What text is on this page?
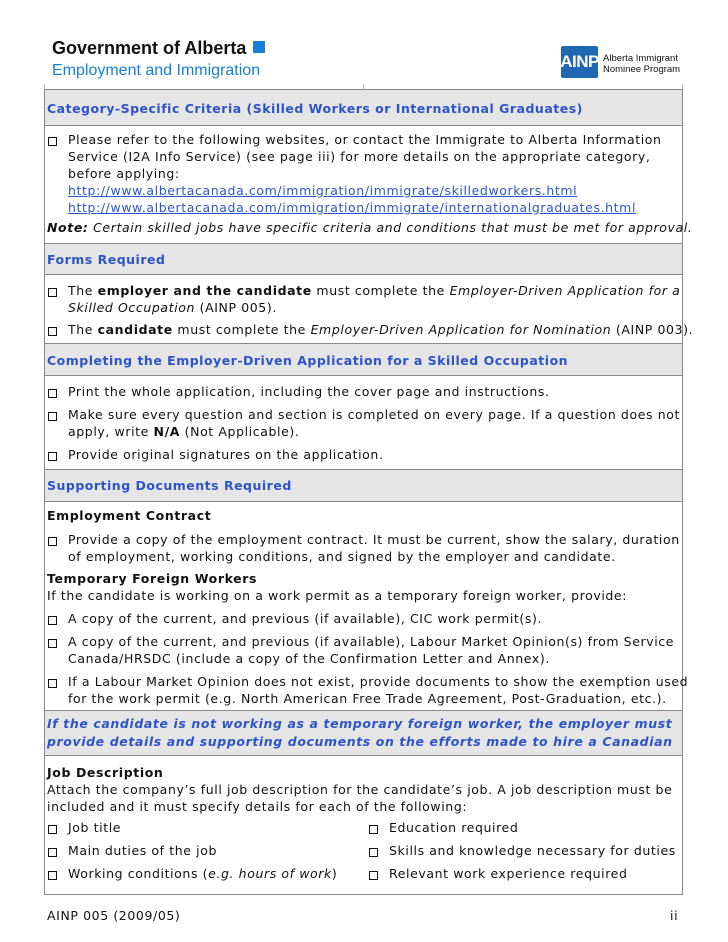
Government of Alberta
Employment and Immigration	AINP Alberta Immigrant
Nominee Program
Category-Specific Criteria (Skilled Workers or International Graduates)
Please refer to the following websites, or contact the Immigrate to Alberta Information
Service (I2A Info Service) (see page iii) for more details on the appropriate category,
before applying:
http://www.albertacanada.com/immigration/immigrate/skilledworkers.html
http://www.albertacanada.com/immigration/immigrate/internationalgraduates.html
Note: Certain skilled jobs have specific criteria and conditions that must be met for approval.
Forms Required
The employer and the candidate must complete the Employer-Driven Application for a
Skilled Occupation (AINP 005).
The candidate must complete the Employer-Driven Application for Nomination (AINP 003).
Completing the Employer-Driven Application for a Skilled Occupation
Print the whole application, including the cover page and instructions.
Make sure every question and section is completed on every page. If a question does not
apply, write N/A (Not Applicable).
Provide original signatures on the application.
Supporting Documents Required
Employment Contract
Provide a copy of the employment contract. It must be current, show the salary, duration
of employment, working conditions, and signed by the employer and candidate.
Temporary Foreign Workers
If the candidate is working on a work permit as a temporary foreign worker, provide:
A copy of the current, and previous (if available), CIC work permit(s).
A copy of the current, and previous (if available), Labour Market Opinion(s) from Service
Canada/HRSDC (include a copy of the Confirmation Letter and Annex).
If a Labour Market Opinion does not exist, provide documents to show the exemption used
for the work permit (e.g. North American Free Trade Agreement, Post-Graduation, etc.).
If the candidate is not working as a temporary foreign worker, the employer must
provide details and supporting documents on the efforts made to hire a Canadian
Job Description
Attach the company’s full job description for the candidate’s job. A job description must be
included and it must specify details for each of the following:
Job title
Main duties of the job
Working conditions (e.g. hours of work)
Education required
Skills and knowledge necessary for duties
Relevant work experience required
AINP 005 (2009/05)	ii
